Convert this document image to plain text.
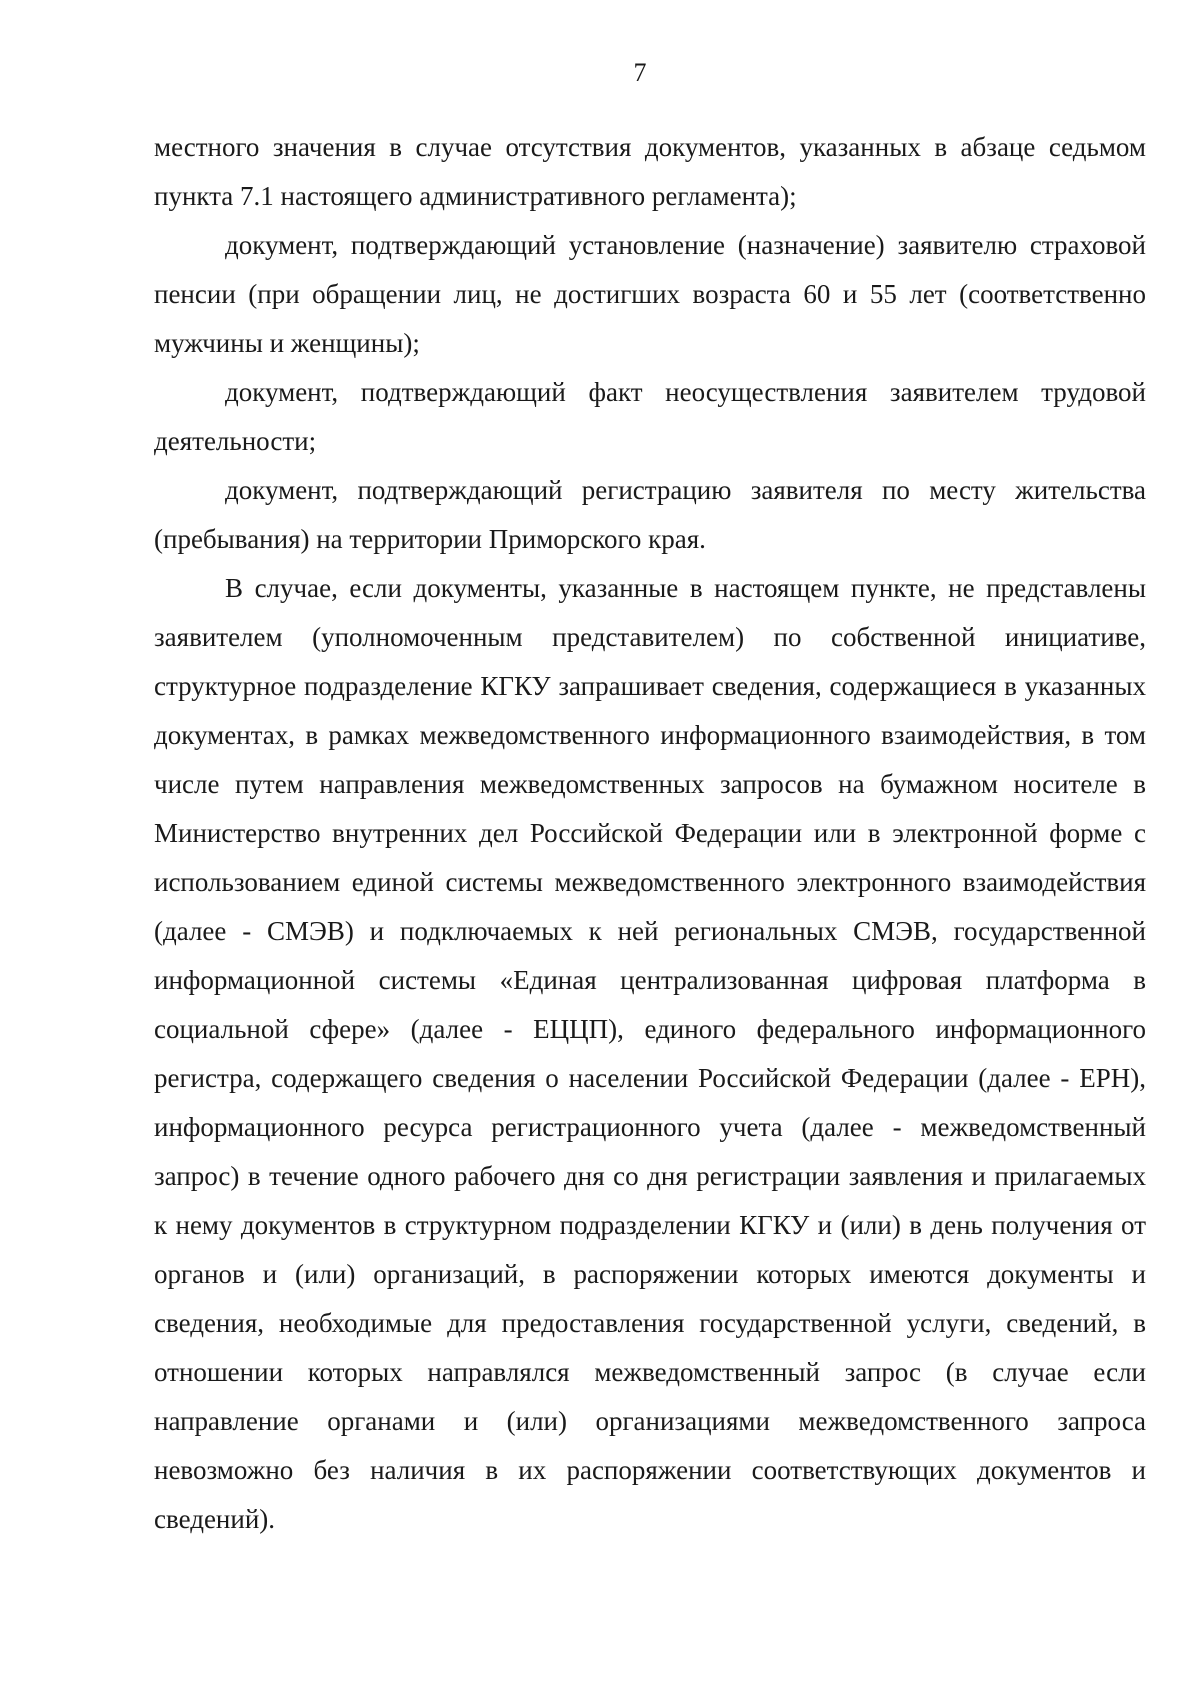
7

местного значения в случае отсутствия документов, указанных в абзаце седьмом пункта 7.1 настоящего административного регламента);

документ, подтверждающий установление (назначение) заявителю страховой пенсии (при обращении лиц, не достигших возраста 60 и 55 лет (соответственно мужчины и женщины);

документ, подтверждающий факт неосуществления заявителем трудовой деятельности;

документ, подтверждающий регистрацию заявителя по месту жительства (пребывания) на территории Приморского края.

В случае, если документы, указанные в настоящем пункте, не представлены заявителем (уполномоченным представителем) по собственной инициативе, структурное подразделение КГКУ запрашивает сведения, содержащиеся в указанных документах, в рамках межведомственного информационного взаимодействия, в том числе путем направления межведомственных запросов на бумажном носителе в Министерство внутренних дел Российской Федерации или в электронной форме с использованием единой системы межведомственного электронного взаимодействия (далее - СМЭВ) и подключаемых к ней региональных СМЭВ, государственной информационной системы «Единая централизованная цифровая платформа в социальной сфере» (далее - ЕЦЦП), единого федерального информационного регистра, содержащего сведения о населении Российской Федерации (далее - ЕРН), информационного ресурса регистрационного учета (далее - межведомственный запрос) в течение одного рабочего дня со дня регистрации заявления и прилагаемых к нему документов в структурном подразделении КГКУ и (или) в день получения от органов и (или) организаций, в распоряжении которых имеются документы и сведения, необходимые для предоставления государственной услуги, сведений, в отношении которых направлялся межведомственный запрос (в случае если направление органами и (или) организациями межведомственного запроса невозможно без наличия в их распоряжении соответствующих документов и сведений).
